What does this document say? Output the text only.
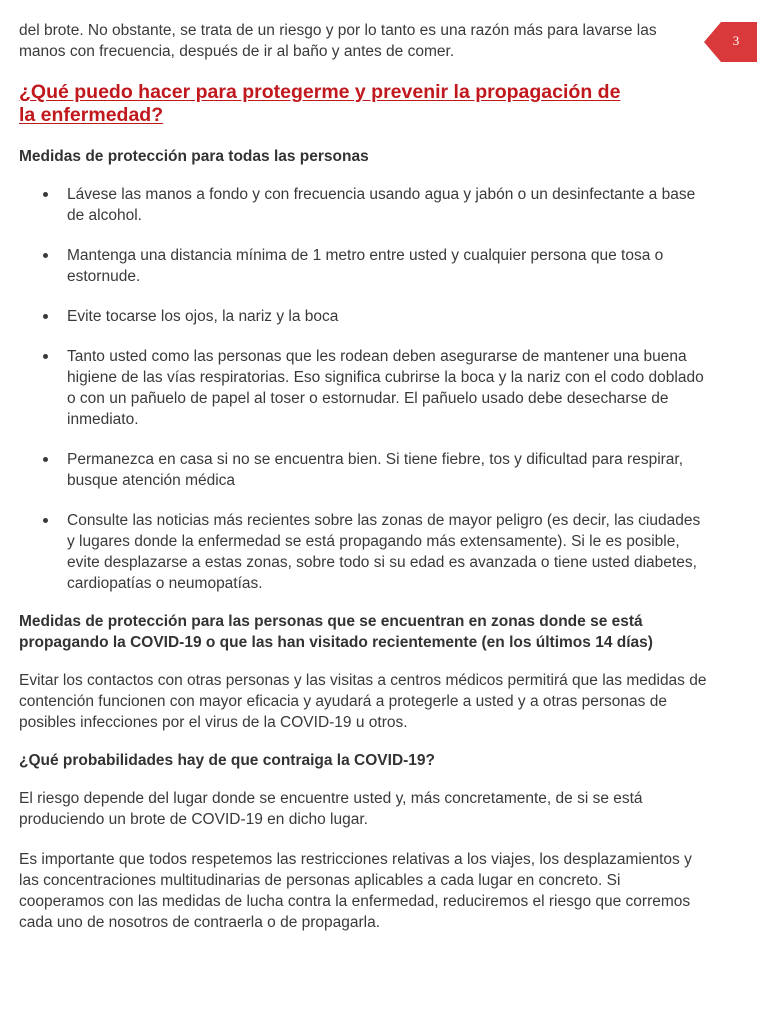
3

del brote. No obstante, se trata de un riesgo y por lo tanto es una razón más para lavarse las manos con frecuencia, después de ir al baño y antes de comer.

¿Qué puedo hacer para protegerme y prevenir la propagación de la enfermedad?
Medidas de protección para todas las personas
Lávese las manos a fondo y con frecuencia usando agua y jabón o un desinfectante a base de alcohol.
Mantenga una distancia mínima de 1 metro entre usted y cualquier persona que tosa o estornude.
Evite tocarse los ojos, la nariz y la boca
Tanto usted como las personas que les rodean deben asegurarse de mantener una buena higiene de las vías respiratorias. Eso significa cubrirse la boca y la nariz con el codo doblado o con un pañuelo de papel al toser o estornudar. El pañuelo usado debe desecharse de inmediato.
Permanezca en casa si no se encuentra bien. Si tiene fiebre, tos y dificultad para respirar, busque atención médica
Consulte las noticias más recientes sobre las zonas de mayor peligro (es decir, las ciudades y lugares donde la enfermedad se está propagando más extensamente). Si le es posible, evite desplazarse a estas zonas, sobre todo si su edad es avanzada o tiene usted diabetes, cardiopatías o neumopatías.
Medidas de protección para las personas que se encuentran en zonas donde se está propagando la COVID-19 o que las han visitado recientemente (en los últimos 14 días)

Evitar los contactos con otras personas y las visitas a centros médicos permitirá que las medidas de contención funcionen con mayor eficacia y ayudará a protegerle a usted y a otras personas de posibles infecciones por el virus de la COVID-19 u otros.

¿Qué probabilidades hay de que contraiga la COVID-19?

El riesgo depende del lugar donde se encuentre usted y, más concretamente, de si se está produciendo un brote de COVID-19 en dicho lugar.

Es importante que todos respetemos las restricciones relativas a los viajes, los desplazamientos y las concentraciones multitudinarias de personas aplicables a cada lugar en concreto. Si cooperamos con las medidas de lucha contra la enfermedad, reduciremos el riesgo que corremos cada uno de nosotros de contraerla o de propagarla.
